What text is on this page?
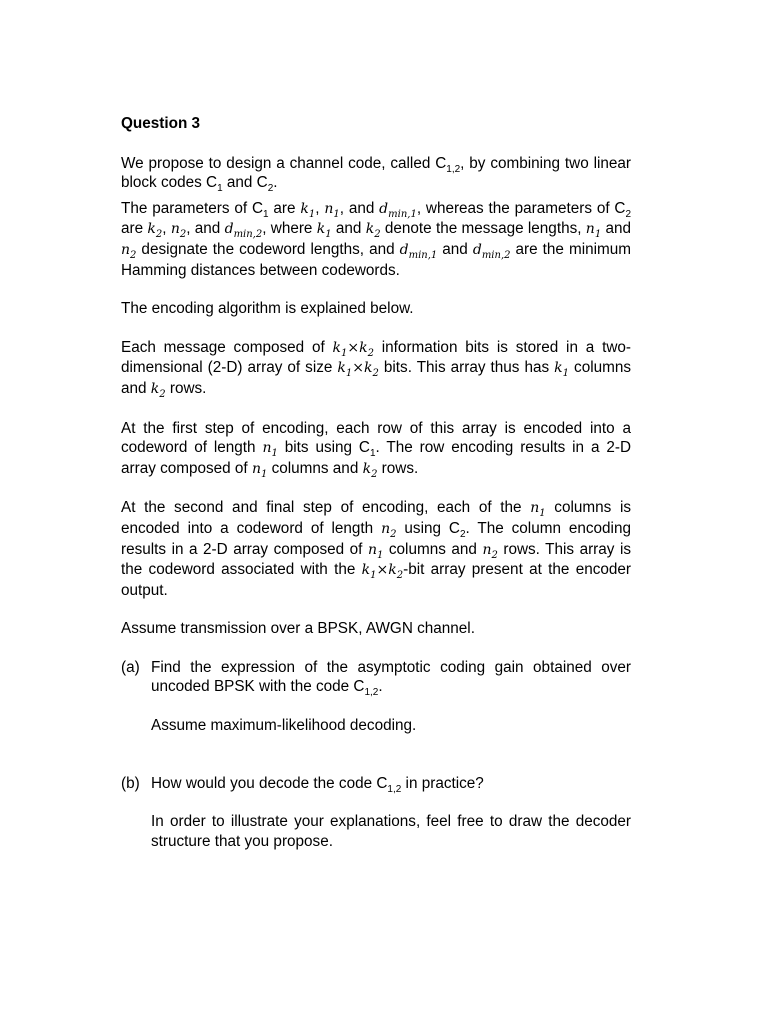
Question 3

We propose to design a channel code, called $C_{1,2}$, by combining two linear block codes $C_1$ and $C_2$.

The parameters of $C_1$ are $k_1$, $n_1$, and $d_{min,1}$, whereas the parameters of $C_2$ are $k_2$, $n_2$, and $d_{min,2}$, where $k_1$ and $k_2$ denote the message lengths, $n_1$ and $n_2$ designate the codeword lengths, and $d_{min,1}$ and $d_{min,2}$ are the minimum Hamming distances between codewords.

The encoding algorithm is explained below.

Each message composed of $k_1\times k_2$ information bits is stored in a two-dimensional (2-D) array of size $k_1\times k_2$ bits. This array thus has $k_1$ columns and $k_2$ rows.

At the first step of encoding, each row of this array is encoded into a codeword of length $n_1$ bits using $C_1$. The row encoding results in a 2-D array composed of $n_1$ columns and $k_2$ rows.

At the second and final step of encoding, each of the $n_1$ columns is encoded into a codeword of length $n_2$ using $C_2$. The column encoding results in a 2-D array composed of $n_1$ columns and $n_2$ rows. This array is the codeword associated with the $k_1\times k_2$-bit array present at the encoder output.

Assume transmission over a BPSK, AWGN channel.

(a) Find the expression of the asymptotic coding gain obtained over uncoded BPSK with the code $C_{1,2}$.

Assume maximum-likelihood decoding.

(b) How would you decode the code $C_{1,2}$ in practice?

In order to illustrate your explanations, feel free to draw the decoder structure that you propose.
